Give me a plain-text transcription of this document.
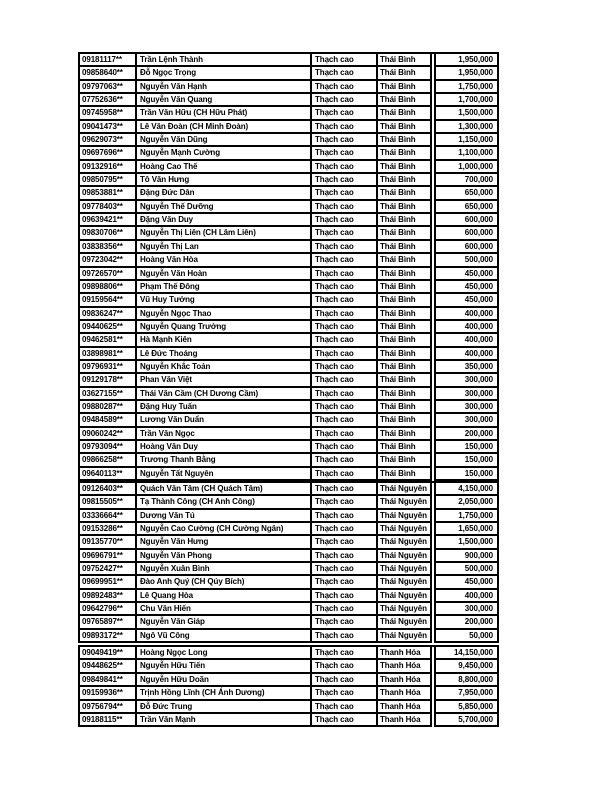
09181117**	Trần Lệnh Thành	Thạch cao	Thái Bình		1,950,000
09858640**	Đỗ Ngọc Trọng	Thạch cao	Thái Bình		1,950,000
09797063**	Nguyễn Văn Hạnh	Thạch cao	Thái Bình		1,750,000
07752636**	Nguyễn Văn Quang	Thạch cao	Thái Bình		1,700,000
09745958**	Trần Văn Hữu (CH Hữu Phát)	Thạch cao	Thái Bình		1,500,000
09041473**	Lê Văn Đoàn (CH Minh Đoàn)	Thạch cao	Thái Bình		1,300,000
09629073**	Nguyễn Văn Dũng	Thạch cao	Thái Bình		1,150,000
09697696**	Nguyễn Mạnh Cường	Thạch cao	Thái Bình		1,100,000
09132916**	Hoàng Cao Thế	Thạch cao	Thái Bình		1,000,000
09850795**	Tô Văn Hưng	Thạch cao	Thái Bình		700,000
09853881**	Đặng Đức Dân	Thạch cao	Thái Bình		650,000
09778403**	Nguyễn Thế Dưỡng	Thạch cao	Thái Bình		650,000
09639421**	Đặng Văn Duy	Thạch cao	Thái Bình		600,000
09830706**	Nguyễn Thị Liên (CH Lâm Liên)	Thạch cao	Thái Bình		600,000
03838356**	Nguyễn Thị Lan	Thạch cao	Thái Bình		600,000
09723042**	Hoàng Văn Hòa	Thạch cao	Thái Bình		500,000
09726570**	Nguyễn Văn Hoàn	Thạch cao	Thái Bình		450,000
09898806**	Phạm Thế Đông	Thạch cao	Thái Bình		450,000
09159564**	Vũ Huy Tưởng	Thạch cao	Thái Bình		450,000
09836247**	Nguyễn Ngọc Thao	Thạch cao	Thái Bình		400,000
09440625**	Nguyễn Quang Trưởng	Thạch cao	Thái Bình		400,000
09462581**	Hà Mạnh Kiên	Thạch cao	Thái Bình		400,000
03898981**	Lê Đức Thoáng	Thạch cao	Thái Bình		400,000
09796931**	Nguyễn Khắc Toản	Thạch cao	Thái Bình		350,000
09129178**	Phan Văn Việt	Thạch cao	Thái Bình		300,000
03627155**	Thái Văn Cầm (CH Dương Cầm)	Thạch cao	Thái Bình		300,000
09880287**	Đặng Huy Tuấn	Thạch cao	Thái Bình		300,000
09484589**	Lương Văn Duẩn	Thạch cao	Thái Bình		300,000
09060242**	Trần Văn Ngọc	Thạch cao	Thái Bình		200,000
09793094**	Hoàng Văn Duy	Thạch cao	Thái Bình		150,000
09866258**	Trương Thanh Bằng	Thạch cao	Thái Bình		150,000
09640113**	Nguyễn Tất Nguyên	Thạch cao	Thái Bình		150,000
09126403**	Quách Văn Tâm (CH Quách Tâm)	Thạch cao	Thái Nguyên		4,150,000
09815505**	Tạ Thành Công (CH Anh Công)	Thạch cao	Thái Nguyên		2,050,000
03336664**	Dương Văn Tú	Thạch cao	Thái Nguyên		1,750,000
09153286**	Nguyễn Cao Cường (CH Cường Ngân)	Thạch cao	Thái Nguyên		1,650,000
09135770**	Nguyễn Văn Hưng	Thạch cao	Thái Nguyên		1,500,000
09696791**	Nguyễn Văn Phong	Thạch cao	Thái Nguyên		900,000
09752427**	Nguyễn Xuân Bình	Thạch cao	Thái Nguyên		500,000
09699951**	Đào Anh Quý (CH Qúy Bích)	Thạch cao	Thái Nguyên		450,000
09892483**	Lê Quang Hòa	Thạch cao	Thái Nguyên		400,000
09642796**	Chu Văn Hiến	Thạch cao	Thái Nguyên		300,000
09765897**	Nguyễn Văn Giáp	Thạch cao	Thái Nguyên		200,000
09893172**	Ngô Vũ Công	Thạch cao	Thái Nguyên		50,000
09049419**	Hoàng Ngọc Long	Thạch cao	Thanh Hóa		14,150,000
09448625**	Nguyễn Hữu Tiến	Thạch cao	Thanh Hóa		9,450,000
09849841**	Nguyễn Hữu Doãn	Thạch cao	Thanh Hóa		8,800,000
09159936**	Trịnh Hồng Lĩnh (CH Ánh Dương)	Thạch cao	Thanh Hóa		7,950,000
09756794**	Đỗ Đức Trung	Thạch cao	Thanh Hóa		5,850,000
09188115**	Trần Văn Mạnh	Thạch cao	Thanh Hóa		5,700,000
